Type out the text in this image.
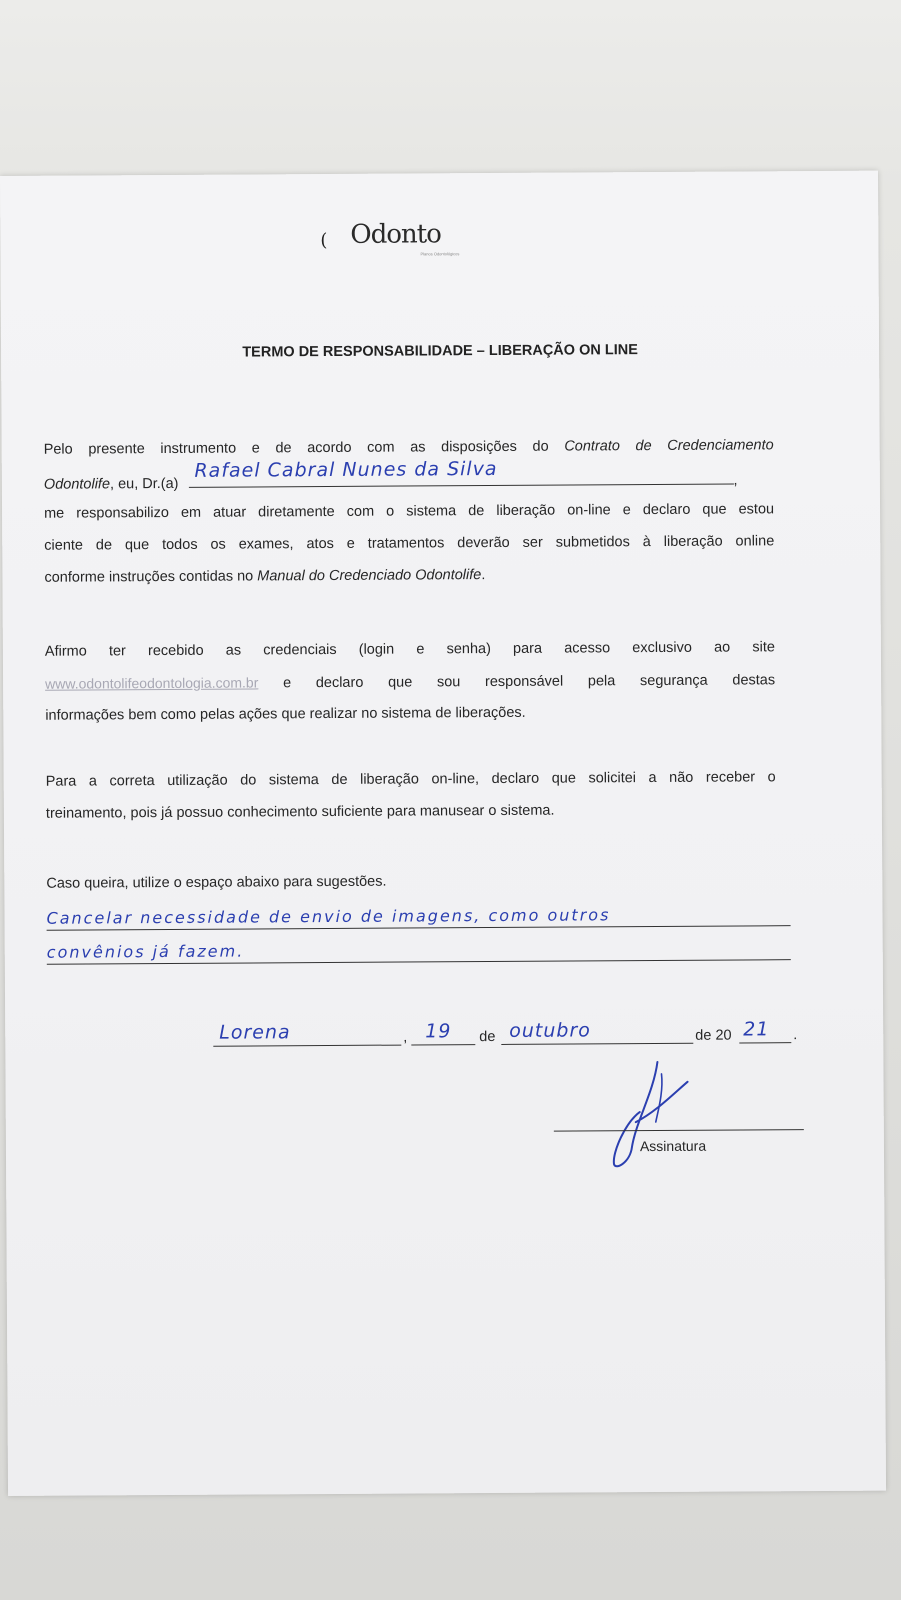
( Odonto
Planos Odontológicos
TERMO DE RESPONSABILIDADE – LIBERAÇÃO ON LINE
Pelo presente instrumento e de acordo com as disposições do Contrato de Credenciamento
Odontolife, eu, Dr.(a)
Rafael Cabral Nunes da Silva	,
me responsabilizo em atuar diretamente com o sistema de liberação on-line e declaro que estou
ciente de que todos os exames, atos e tratamentos deverão ser submetidos à liberação online
conforme instruções contidas no Manual do Credenciado Odontolife.
Afirmo ter recebido as credenciais (login e senha) para acesso exclusivo ao site
www.odontolifeodontologia.com.br e declaro que sou responsável pela segurança destas
informações bem como pelas ações que realizar no sistema de liberações.
Para a correta utilização do sistema de liberação on-line, declaro que solicitei a não receber o
treinamento, pois já possuo conhecimento suficiente para manusear o sistema.
Caso queira, utilize o espaço abaixo para sugestões.
Cancelar necessidade de envio de imagens, como outros
convênios já fazem.
Lorena	, 19 de outubro	de 20 21 .
Assinatura
